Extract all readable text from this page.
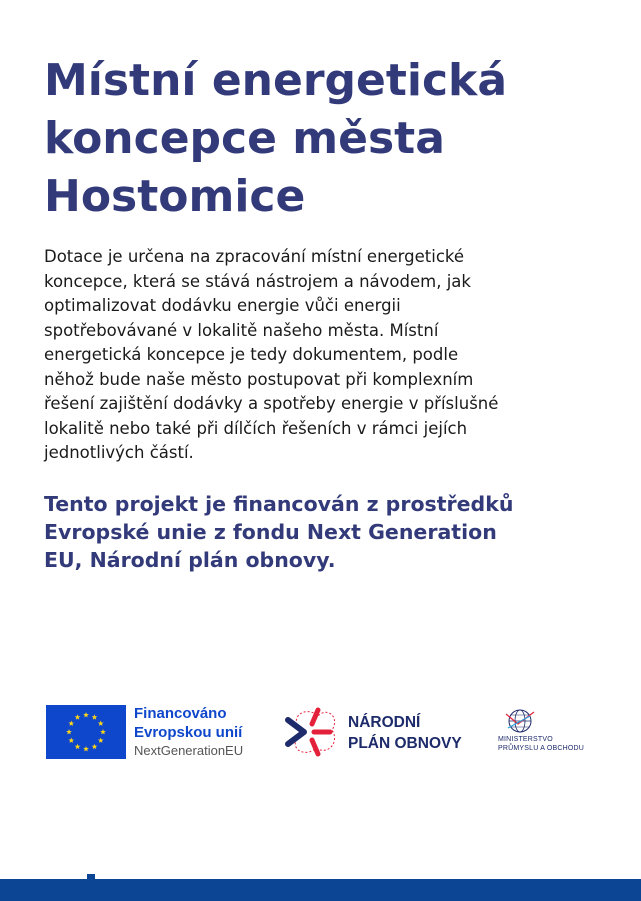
Místní energetická
koncepce města
Hostomice

Dotace je určena na zpracování místní energetické
koncepce, která se stává nástrojem a návodem, jak
optimalizovat dodávku energie vůči energii
spotřebovávané v lokalitě našeho města. Místní
energetická koncepce je tedy dokumentem, podle
něhož bude naše město postupovat při komplexním
řešení zajištění dodávky a spotřeby energie v příslušné
lokalitě nebo také při dílčích řešeních v rámci jejích
jednotlivých částí.

Tento projekt je financován z prostředků
Evropské unie z fondu Next Generation
EU, Národní plán obnovy.

Financováno
Evropskou unií
NextGenerationEU
NÁRODNÍ
PLÁN OBNOVY	MINISTERSTVO
PRŮMYSLU A OBCHODU
